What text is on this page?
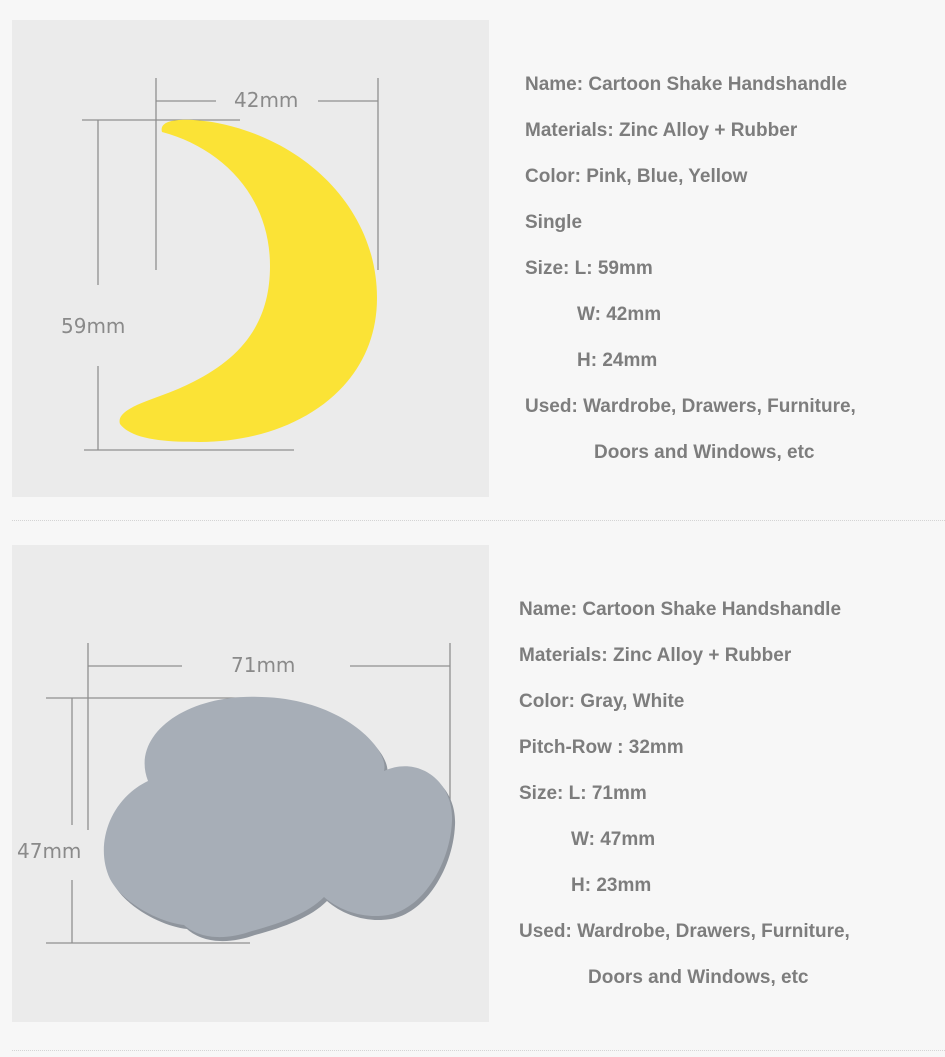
42mm
59mm
Name: Cartoon Shake Handshandle
Materials: Zinc Alloy + Rubber
Color: Pink, Blue, Yellow
Single
Size: L: 59mm
W: 42mm
H: 24mm
Used: Wardrobe, Drawers, Furniture,
Doors and Windows, etc
71mm
47mm
Name: Cartoon Shake Handshandle
Materials: Zinc Alloy + Rubber
Color: Gray, White
Pitch-Row : 32mm
Size: L: 71mm
W: 47mm
H: 23mm
Used: Wardrobe, Drawers, Furniture,
Doors and Windows, etc
